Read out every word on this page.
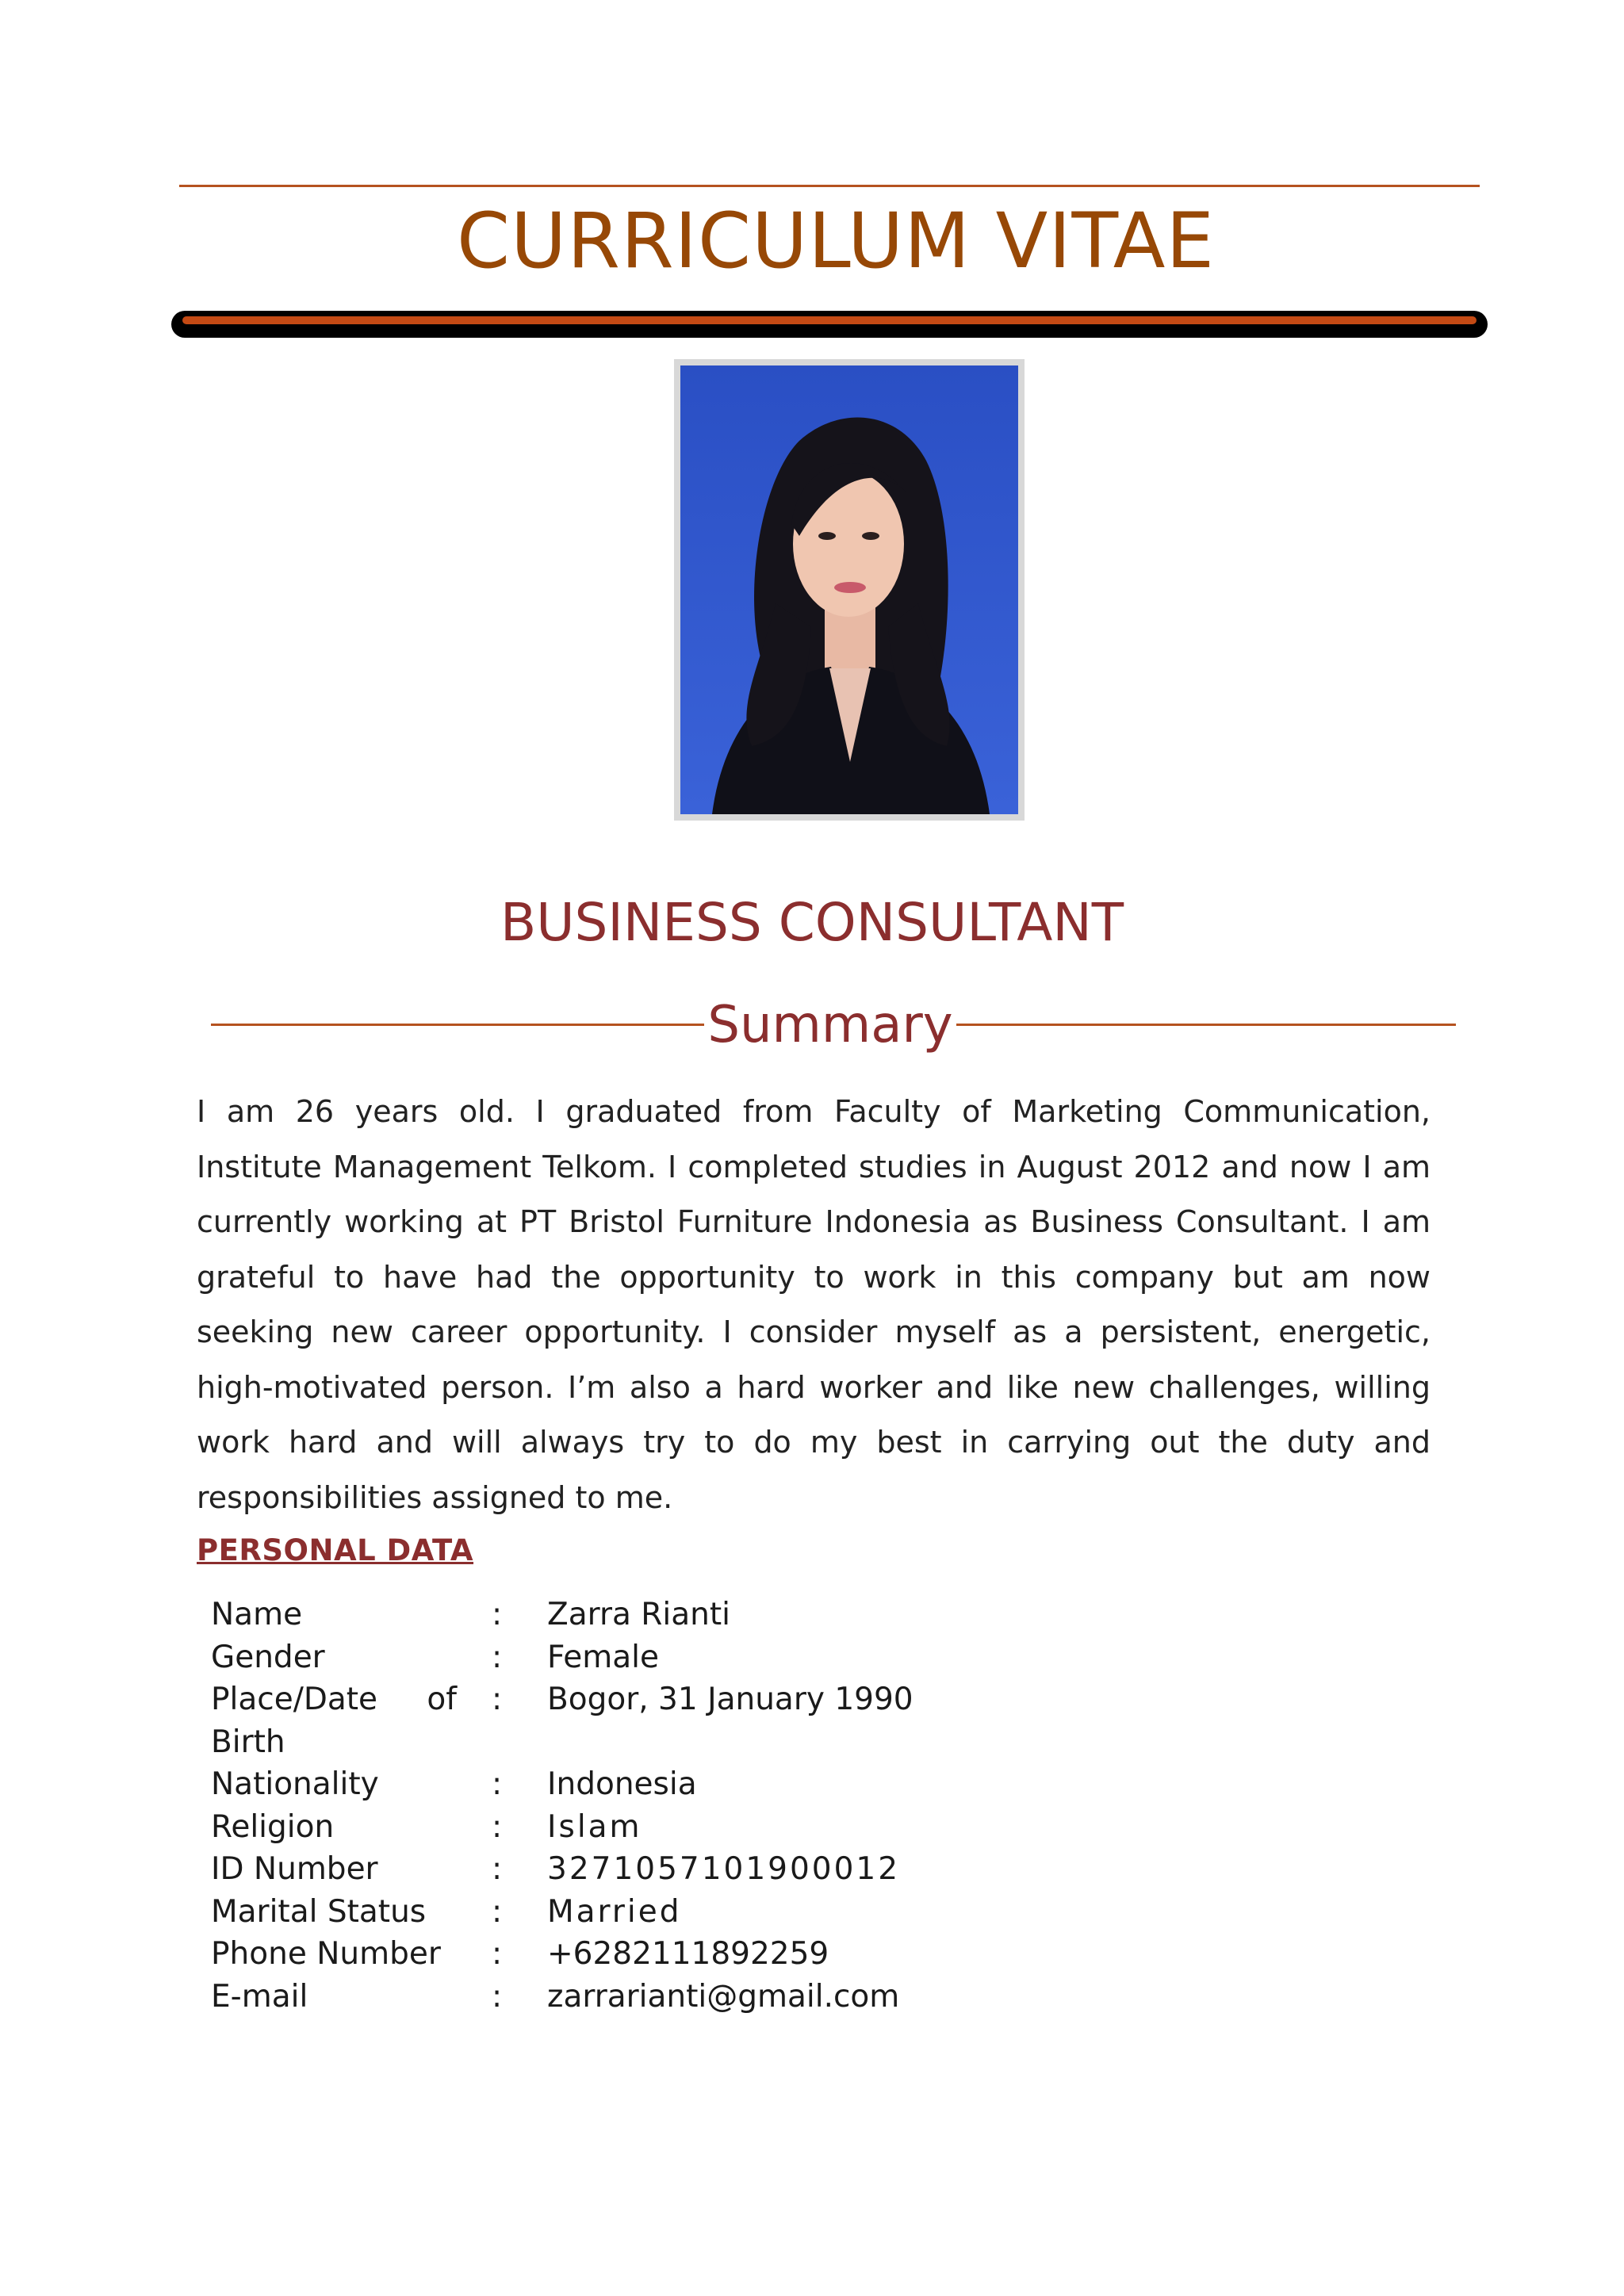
CURRICULUM VITAE
BUSINESS CONSULTANT
Summary

I am 26 years old. I graduated from Faculty of Marketing Communication, Institute Management Telkom. I completed studies in August 2012 and now I am currently working at PT Bristol Furniture Indonesia as Business Consultant. I am grateful to have had the opportunity to work in this company but am now seeking new career opportunity. I consider myself as a persistent, energetic, high-motivated person. I’m also a hard worker and like new challenges, willing work hard and will always try to do my best in carrying out the duty and responsibilities assigned to me.

PERSONAL DATA
Name	:	Zarra Rianti
Gender	:	Female
Place/Date of Birth	:	Bogor, 31 January 1990
Nationality	:	Indonesia
Religion	:	Islam
ID Number	:	3271057101900012
Marital Status	:	Married
Phone Number	:	+6282111892259
E-mail	:	zarrarianti@gmail.com
